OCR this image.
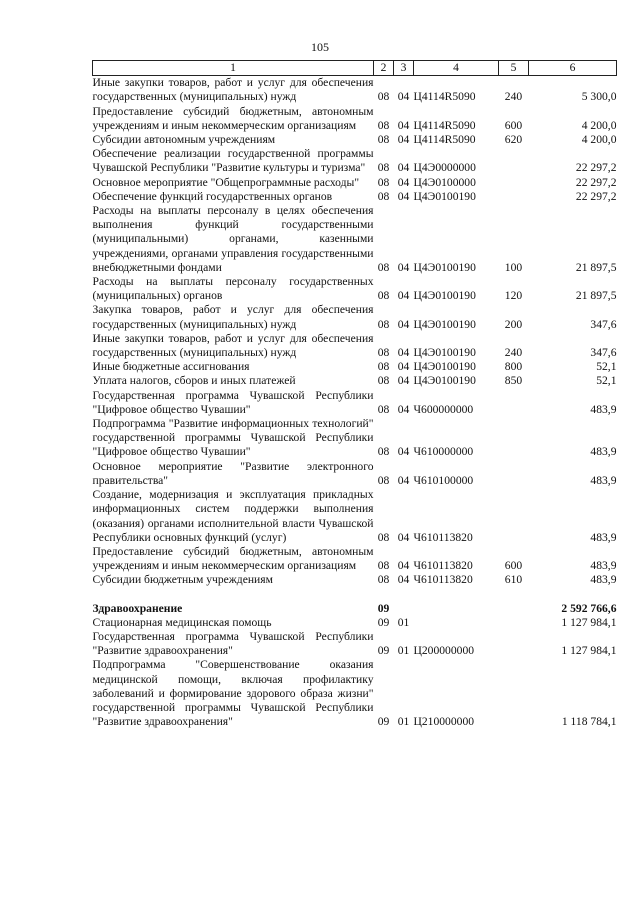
105
1	2	3	4	5	6
Иные закупки товаров, работ и услуг для обеспечения государственных (муниципальных) нужд	08	04	Ц4114R5090	240	5 300,0
Предоставление субсидий бюджетным, автономным учреждениям и иным некоммерческим организациям	08	04	Ц4114R5090	600	4 200,0
Субсидии автономным учреждениям	08	04	Ц4114R5090	620	4 200,0
Обеспечение реализации государственной программы Чувашской Республики "Развитие культуры и туризма"	08	04	Ц4Э0000000		22 297,2
Основное мероприятие "Общепрограммные расходы"	08	04	Ц4Э0100000		22 297,2
Обеспечение функций государственных органов	08	04	Ц4Э0100190		22 297,2
Расходы на выплаты персоналу в целях обеспечения выполнения функций государственными (муниципальными) органами, казенными учреждениями, органами управления государственными внебюджетными фондами	08	04	Ц4Э0100190	100	21 897,5
Расходы на выплаты персоналу государственных (муниципальных) органов	08	04	Ц4Э0100190	120	21 897,5
Закупка товаров, работ и услуг для обеспечения государственных (муниципальных) нужд	08	04	Ц4Э0100190	200	347,6
Иные закупки товаров, работ и услуг для обеспечения государственных (муниципальных) нужд	08	04	Ц4Э0100190	240	347,6
Иные бюджетные ассигнования	08	04	Ц4Э0100190	800	52,1
Уплата налогов, сборов и иных платежей	08	04	Ц4Э0100190	850	52,1
Государственная программа Чувашской Республики "Цифровое общество Чувашии"	08	04	Ч600000000		483,9
Подпрограмма "Развитие информационных технологий" государственной программы Чувашской Республики "Цифровое общество Чувашии"	08	04	Ч610000000		483,9
Основное мероприятие "Развитие электронного правительства"	08	04	Ч610100000		483,9
Создание, модернизация и эксплуатация прикладных информационных систем поддержки выполнения (оказания) органами исполнительной власти Чувашской Республики основных функций (услуг)	08	04	Ч610113820		483,9
Предоставление субсидий бюджетным, автономным учреждениям и иным некоммерческим организациям	08	04	Ч610113820	600	483,9
Субсидии бюджетным учреждениям	08	04	Ч610113820	610	483,9

Здравоохранение	09				2 592 766,6
Стационарная медицинская помощь	09	01			1 127 984,1
Государственная программа Чувашской Республики "Развитие здравоохранения"	09	01	Ц200000000		1 127 984,1
Подпрограмма "Совершенствование оказания медицинской помощи, включая профилактику заболеваний и формирование здорового образа жизни" государственной программы Чувашской Республики "Развитие здравоохранения"	09	01	Ц210000000		1 118 784,1
